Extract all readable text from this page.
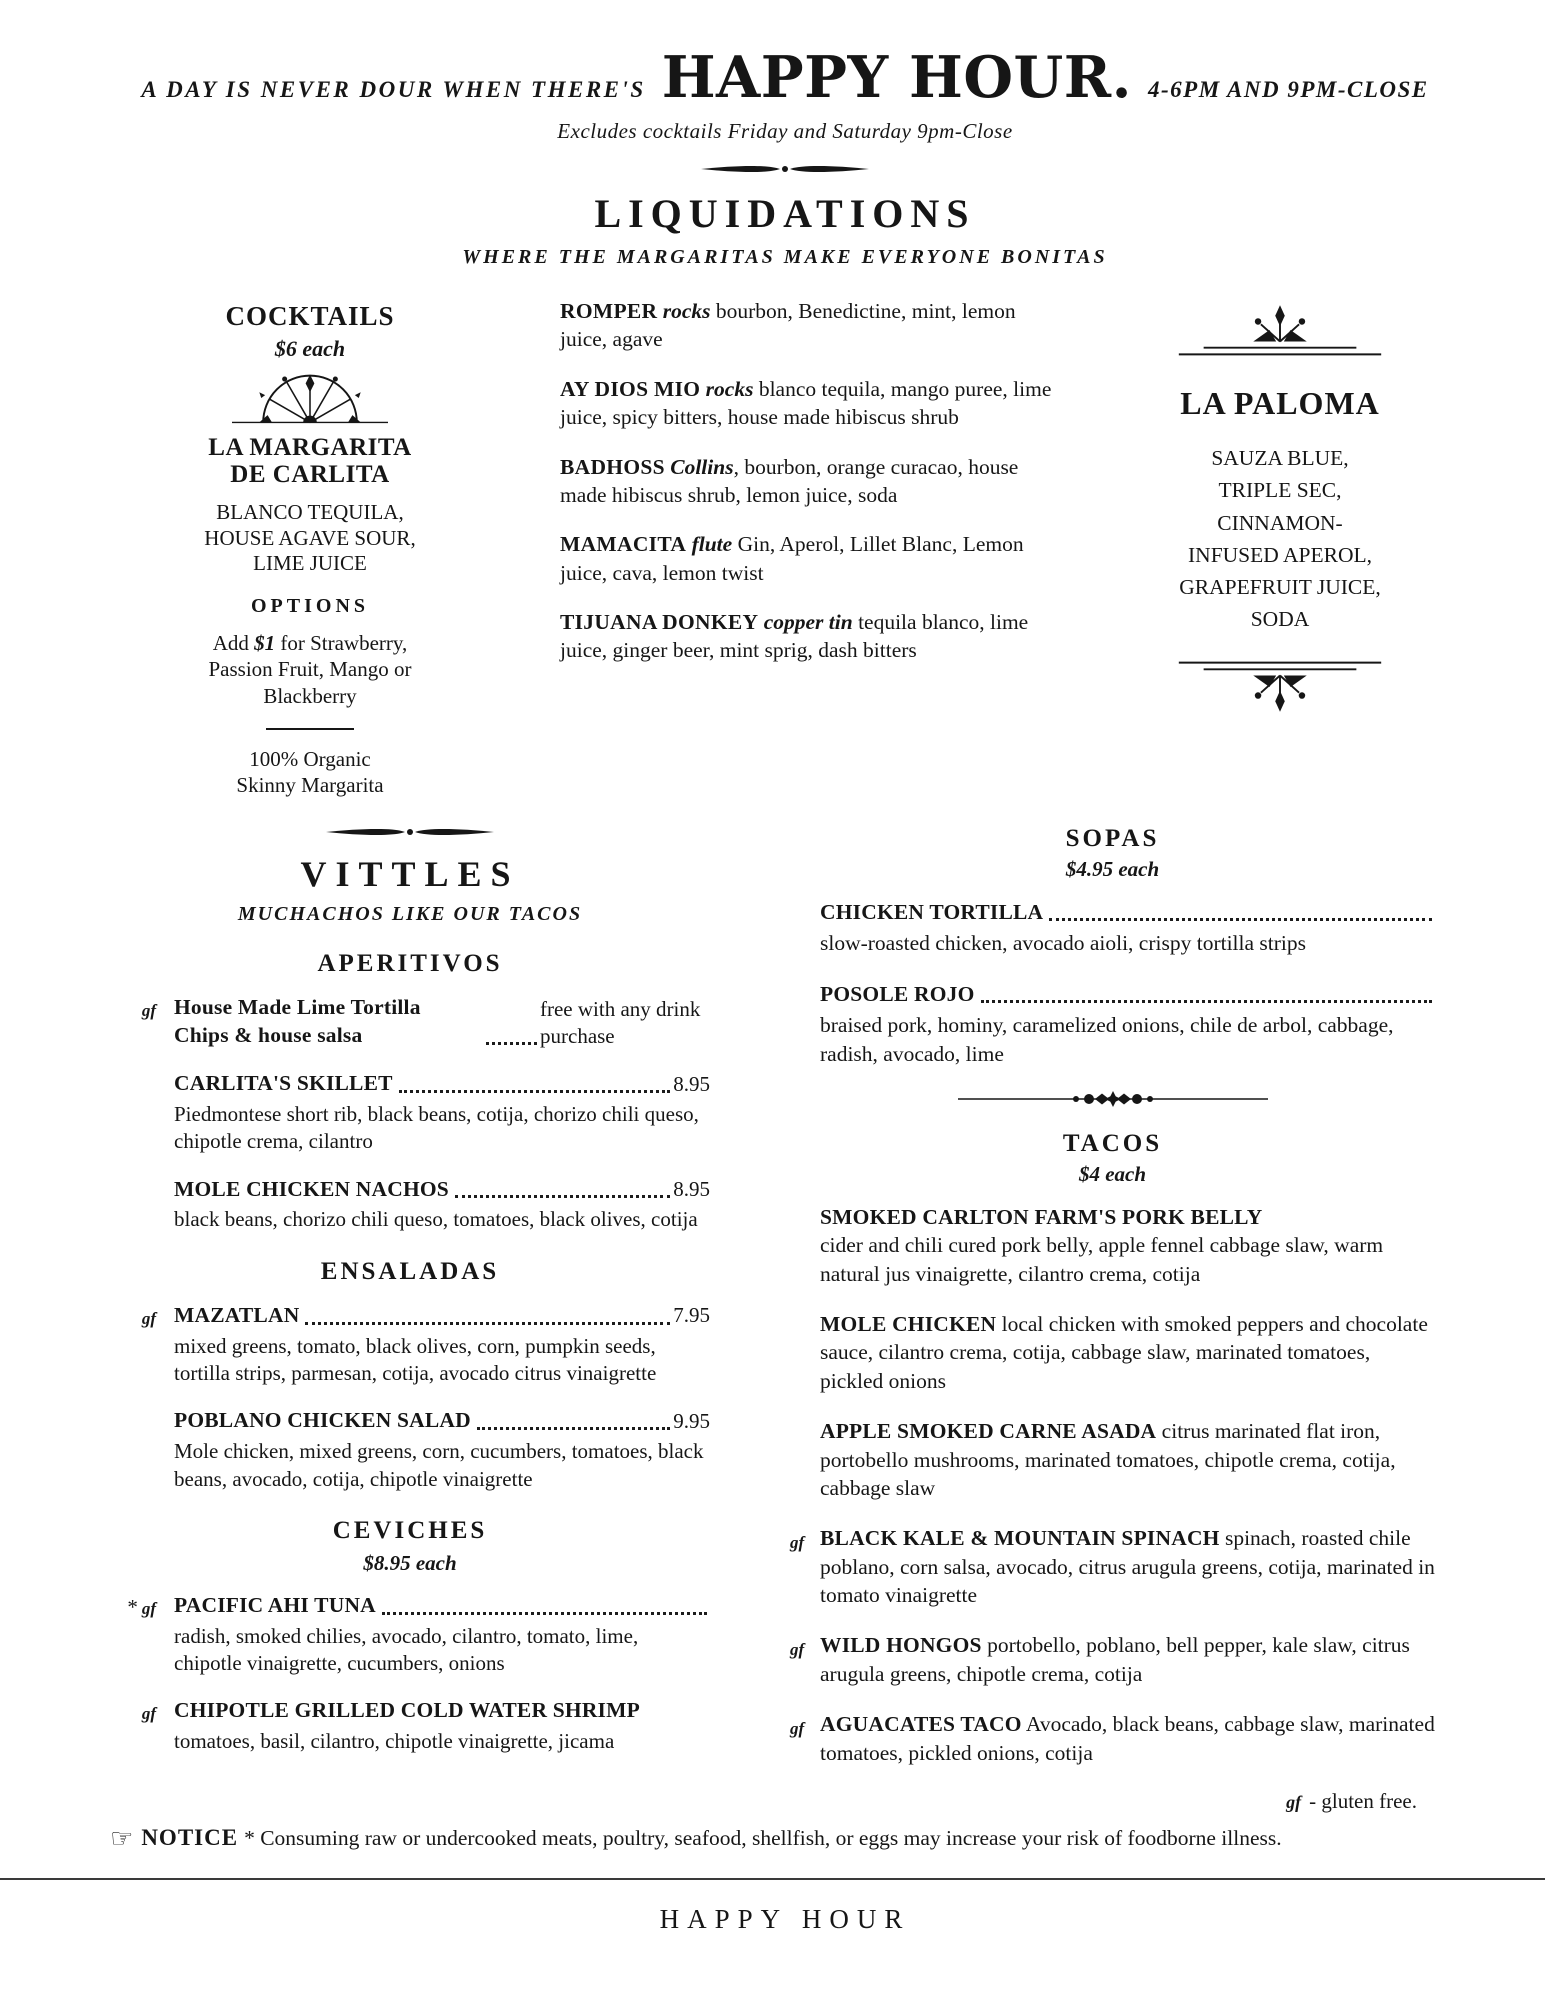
A DAY IS NEVER DOUR WHEN THERE'S HAPPY HOUR. 4-6PM AND 9PM-CLOSE
Excludes cocktails Friday and Saturday 9pm-Close
LIQUIDATIONS
WHERE THE MARGARITAS MAKE EVERYONE BONITAS
COCKTAILS
$6 each
LA MARGARITA
DE CARLITA
BLANCO TEQUILA, HOUSE AGAVE SOUR, LIME JUICE
OPTIONS
Add $1 for Strawberry, Passion Fruit, Mango or Blackberry
100% Organic
Skinny Margarita

ROMPER rocks bourbon, Benedictine, mint, lemon juice, agave

AY DIOS MIO rocks blanco tequila, mango puree, lime juice, spicy bitters, house made hibiscus shrub

BADHOSS Collins, bourbon, orange curacao, house made hibiscus shrub, lemon juice, soda

MAMACITA flute Gin, Aperol, Lillet Blanc, Lemon juice, cava, lemon twist

TIJUANA DONKEY copper tin tequila blanco, lime juice, ginger beer, mint sprig, dash bitters

LA PALOMA
SAUZA BLUE, TRIPLE SEC, CINNAMON-INFUSED APEROL, GRAPEFRUIT JUICE, SODA
VITTLES
MUCHACHOS LIKE OUR TACOS
APERITIVOS
gf House Made Lime Tortilla Chips & house salsa
free with any drink purchase
CARLITA'S SKILLET	8.95

Piedmontese short rib, black beans, cotija, chorizo chili queso, chipotle crema, cilantro

MOLE CHICKEN NACHOS	8.95

black beans, chorizo chili queso, tomatoes, black olives, cotija

ENSALADAS
gf MAZATLAN	7.95

mixed greens, tomato, black olives, corn, pumpkin seeds, tortilla strips, parmesan, cotija, avocado citrus vinaigrette

POBLANO CHICKEN SALAD	9.95

Mole chicken, mixed greens, corn, cucumbers, tomatoes, black beans, avocado, cotija, chipotle vinaigrette

CEVICHES
$8.95 each
* gf PACIFIC AHI TUNA

radish, smoked chilies, avocado, cilantro, tomato, lime, chipotle vinaigrette, cucumbers, onions

gf CHIPOTLE GRILLED COLD WATER SHRIMP

tomatoes, basil, cilantro, chipotle vinaigrette, jicama

SOPAS
$4.95 each
CHICKEN TORTILLA

slow-roasted chicken, avocado aioli, crispy tortilla strips

POSOLE ROJO

braised pork, hominy, caramelized onions, chile de arbol, cabbage, radish, avocado, lime

TACOS
$4 each
SMOKED CARLTON FARM'S PORK BELLY
cider and chili cured pork belly, apple fennel cabbage slaw, warm natural jus vinaigrette, cilantro crema, cotija
MOLE CHICKEN local chicken with smoked peppers and chocolate sauce, cilantro crema, cotija, cabbage slaw, marinated tomatoes, pickled onions
APPLE SMOKED CARNE ASADA citrus marinated flat iron, portobello mushrooms, marinated tomatoes, chipotle crema, cotija, cabbage slaw
gf BLACK KALE & MOUNTAIN SPINACH spinach, roasted chile poblano, corn salsa, avocado, citrus arugula greens, cotija, marinated in tomato vinaigrette
gf WILD HONGOS portobello, poblano, bell pepper, kale slaw, citrus arugula greens, chipotle crema, cotija
gf AGUACATES TACO Avocado, black beans, cabbage slaw, marinated tomatoes, pickled onions, cotija
gf - gluten free.
☞ NOTICE * Consuming raw or undercooked meats, poultry, seafood, shellfish, or eggs may increase your risk of foodborne illness.
HAPPY HOUR
